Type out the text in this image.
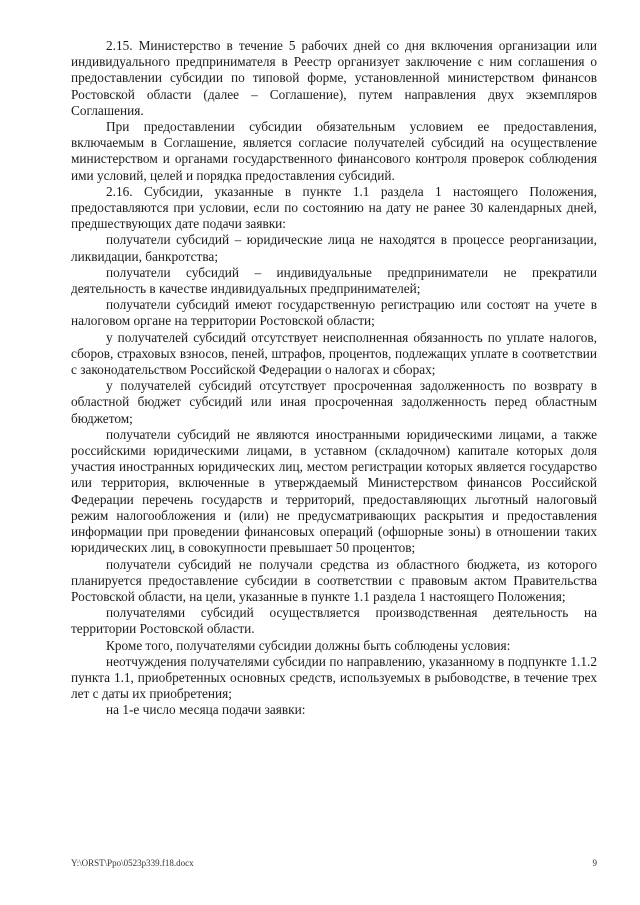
2.15. Министерство в течение 5 рабочих дней со дня включения организации или индивидуального предпринимателя в Реестр организует заключение с ним соглашения о предоставлении субсидии по типовой форме, установленной министерством финансов Ростовской области (далее – Соглашение), путем направления двух экземпляров Соглашения.

При предоставлении субсидии обязательным условием ее предоставления, включаемым в Соглашение, является согласие получателей субсидий на осуществление министерством и органами государственного финансового контроля проверок соблюдения ими условий, целей и порядка предоставления субсидий.

2.16. Субсидии, указанные в пункте 1.1 раздела 1 настоящего Положения, предоставляются при условии, если по состоянию на дату не ранее 30 календарных дней, предшествующих дате подачи заявки:

получатели субсидий – юридические лица не находятся в процессе реорганизации, ликвидации, банкротства;

получатели субсидий – индивидуальные предприниматели не прекратили деятельность в качестве индивидуальных предпринимателей;

получатели субсидий имеют государственную регистрацию или состоят на учете в налоговом органе на территории Ростовской области;

у получателей субсидий отсутствует неисполненная обязанность по уплате налогов, сборов, страховых взносов, пеней, штрафов, процентов, подлежащих уплате в соответствии с законодательством Российской Федерации о налогах и сборах;

у получателей субсидий отсутствует просроченная задолженность по возврату в областной бюджет субсидий или иная просроченная задолженность перед областным бюджетом;

получатели субсидий не являются иностранными юридическими лицами, а также российскими юридическими лицами, в уставном (складочном) капитале которых доля участия иностранных юридических лиц, местом регистрации которых является государство или территория, включенные в утверждаемый Министерством финансов Российской Федерации перечень государств и территорий, предоставляющих льготный налоговый режим налогообложения и (или) не предусматривающих раскрытия и предоставления информации при проведении финансовых операций (офшорные зоны) в отношении таких юридических лиц, в совокупности превышает 50 процентов;

получатели субсидий не получали средства из областного бюджета, из которого планируется предоставление субсидии в соответствии с правовым актом Правительства Ростовской области, на цели, указанные в пункте 1.1 раздела 1 настоящего Положения;

получателями субсидий осуществляется производственная деятельность на территории Ростовской области.

Кроме того, получателями субсидии должны быть соблюдены условия:

неотчуждения получателями субсидии по направлению, указанному в подпункте 1.1.2 пункта 1.1, приобретенных основных средств, используемых в рыбоводстве, в течение трех лет с даты их приобретения;

на 1-е число месяца подачи заявки:

Y:\ORST\Ppo\0523p339.f18.docx	9
